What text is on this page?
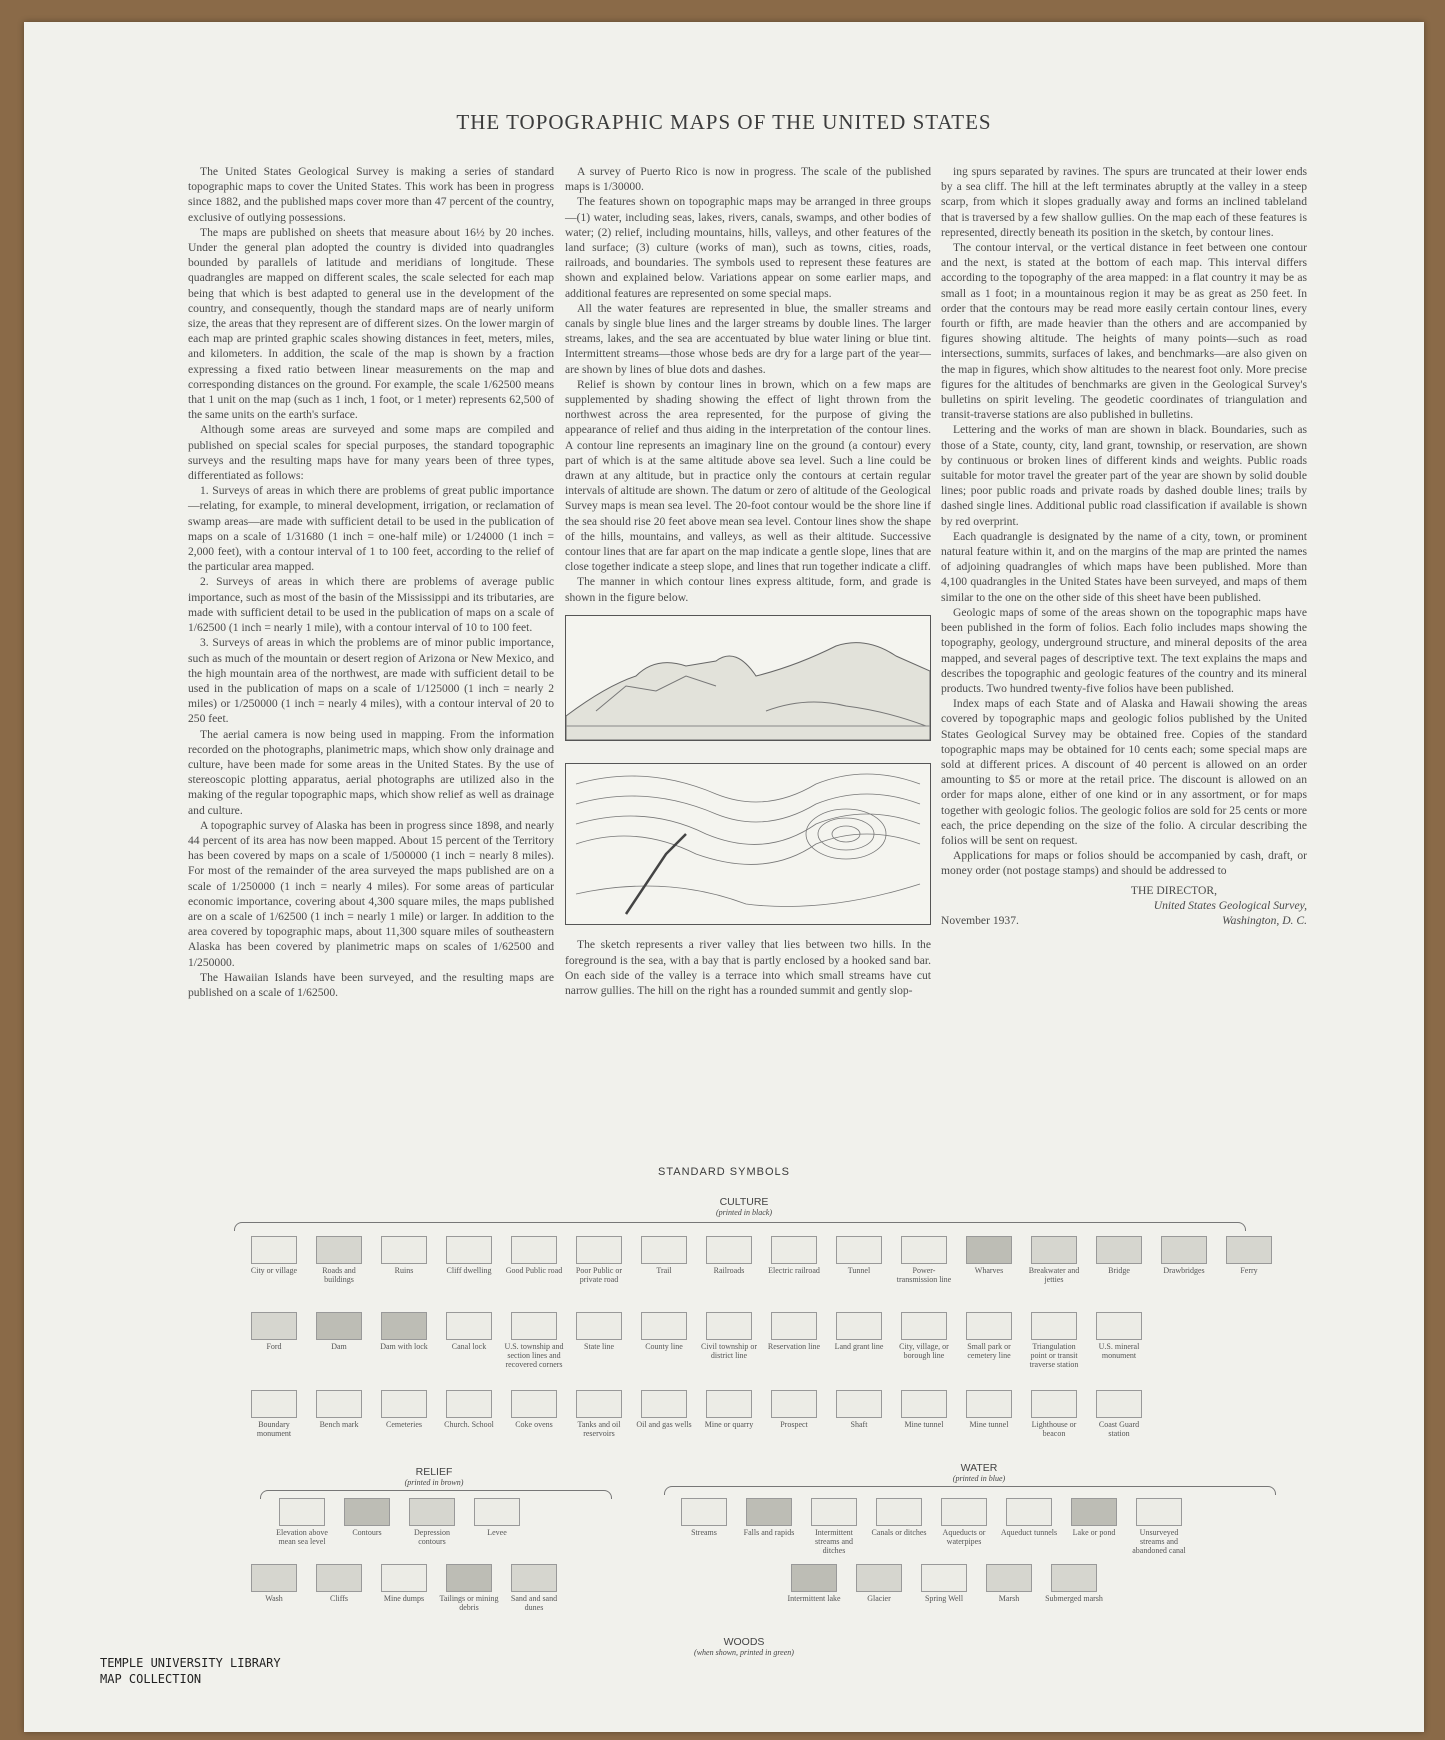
THE TOPOGRAPHIC MAPS OF THE UNITED STATES

The United States Geological Survey is making a series of standard topographic maps to cover the United States. This work has been in progress since 1882, and the published maps cover more than 47 percent of the country, exclusive of outlying possessions.

The maps are published on sheets that measure about 16½ by 20 inches. Under the general plan adopted the country is divided into quadrangles bounded by parallels of latitude and meridians of longitude. These quadrangles are mapped on different scales, the scale selected for each map being that which is best adapted to general use in the development of the country, and consequently, though the standard maps are of nearly uniform size, the areas that they represent are of different sizes. On the lower margin of each map are printed graphic scales showing distances in feet, meters, miles, and kilometers. In addition, the scale of the map is shown by a fraction expressing a fixed ratio between linear measurements on the map and corresponding distances on the ground. For example, the scale 1/62500 means that 1 unit on the map (such as 1 inch, 1 foot, or 1 meter) represents 62,500 of the same units on the earth's surface.

Although some areas are surveyed and some maps are compiled and published on special scales for special purposes, the standard topographic surveys and the resulting maps have for many years been of three types, differentiated as follows:

1. Surveys of areas in which there are problems of great public importance—relating, for example, to mineral development, irrigation, or reclamation of swamp areas—are made with sufficient detail to be used in the publication of maps on a scale of 1/31680 (1 inch = one-half mile) or 1/24000 (1 inch = 2,000 feet), with a contour interval of 1 to 100 feet, according to the relief of the particular area mapped.

2. Surveys of areas in which there are problems of average public importance, such as most of the basin of the Mississippi and its tributaries, are made with sufficient detail to be used in the publication of maps on a scale of 1/62500 (1 inch = nearly 1 mile), with a contour interval of 10 to 100 feet.

3. Surveys of areas in which the problems are of minor public importance, such as much of the mountain or desert region of Arizona or New Mexico, and the high mountain area of the northwest, are made with sufficient detail to be used in the publication of maps on a scale of 1/125000 (1 inch = nearly 2 miles) or 1/250000 (1 inch = nearly 4 miles), with a contour interval of 20 to 250 feet.

The aerial camera is now being used in mapping. From the information recorded on the photographs, planimetric maps, which show only drainage and culture, have been made for some areas in the United States. By the use of stereoscopic plotting apparatus, aerial photographs are utilized also in the making of the regular topographic maps, which show relief as well as drainage and culture.

A topographic survey of Alaska has been in progress since 1898, and nearly 44 percent of its area has now been mapped. About 15 percent of the Territory has been covered by maps on a scale of 1/500000 (1 inch = nearly 8 miles). For most of the remainder of the area surveyed the maps published are on a scale of 1/250000 (1 inch = nearly 4 miles). For some areas of particular economic importance, covering about 4,300 square miles, the maps published are on a scale of 1/62500 (1 inch = nearly 1 mile) or larger. In addition to the area covered by topographic maps, about 11,300 square miles of southeastern Alaska has been covered by planimetric maps on scales of 1/62500 and 1/250000.

The Hawaiian Islands have been surveyed, and the resulting maps are published on a scale of 1/62500.

A survey of Puerto Rico is now in progress. The scale of the published maps is 1/30000.

The features shown on topographic maps may be arranged in three groups—(1) water, including seas, lakes, rivers, canals, swamps, and other bodies of water; (2) relief, including mountains, hills, valleys, and other features of the land surface; (3) culture (works of man), such as towns, cities, roads, railroads, and boundaries. The symbols used to represent these features are shown and explained below. Variations appear on some earlier maps, and additional features are represented on some special maps.

All the water features are represented in blue, the smaller streams and canals by single blue lines and the larger streams by double lines. The larger streams, lakes, and the sea are accentuated by blue water lining or blue tint. Intermittent streams—those whose beds are dry for a large part of the year—are shown by lines of blue dots and dashes.

Relief is shown by contour lines in brown, which on a few maps are supplemented by shading showing the effect of light thrown from the northwest across the area represented, for the purpose of giving the appearance of relief and thus aiding in the interpretation of the contour lines. A contour line represents an imaginary line on the ground (a contour) every part of which is at the same altitude above sea level. Such a line could be drawn at any altitude, but in practice only the contours at certain regular intervals of altitude are shown. The datum or zero of altitude of the Geological Survey maps is mean sea level. The 20-foot contour would be the shore line if the sea should rise 20 feet above mean sea level. Contour lines show the shape of the hills, mountains, and valleys, as well as their altitude. Successive contour lines that are far apart on the map indicate a gentle slope, lines that are close together indicate a steep slope, and lines that run together indicate a cliff.

The manner in which contour lines express altitude, form, and grade is shown in the figure below.

The sketch represents a river valley that lies between two hills. In the foreground is the sea, with a bay that is partly enclosed by a hooked sand bar. On each side of the valley is a terrace into which small streams have cut narrow gullies. The hill on the right has a rounded summit and gently slop-

ing spurs separated by ravines. The spurs are truncated at their lower ends by a sea cliff. The hill at the left terminates abruptly at the valley in a steep scarp, from which it slopes gradually away and forms an inclined tableland that is traversed by a few shallow gullies. On the map each of these features is represented, directly beneath its position in the sketch, by contour lines.

The contour interval, or the vertical distance in feet between one contour and the next, is stated at the bottom of each map. This interval differs according to the topography of the area mapped: in a flat country it may be as small as 1 foot; in a mountainous region it may be as great as 250 feet. In order that the contours may be read more easily certain contour lines, every fourth or fifth, are made heavier than the others and are accompanied by figures showing altitude. The heights of many points—such as road intersections, summits, surfaces of lakes, and benchmarks—are also given on the map in figures, which show altitudes to the nearest foot only. More precise figures for the altitudes of benchmarks are given in the Geological Survey's bulletins on spirit leveling. The geodetic coordinates of triangulation and transit-traverse stations are also published in bulletins.

Lettering and the works of man are shown in black. Boundaries, such as those of a State, county, city, land grant, township, or reservation, are shown by continuous or broken lines of different kinds and weights. Public roads suitable for motor travel the greater part of the year are shown by solid double lines; poor public roads and private roads by dashed double lines; trails by dashed single lines. Additional public road classification if available is shown by red overprint.

Each quadrangle is designated by the name of a city, town, or prominent natural feature within it, and on the margins of the map are printed the names of adjoining quadrangles of which maps have been published. More than 4,100 quadrangles in the United States have been surveyed, and maps of them similar to the one on the other side of this sheet have been published.

Geologic maps of some of the areas shown on the topographic maps have been published in the form of folios. Each folio includes maps showing the topography, geology, underground structure, and mineral deposits of the area mapped, and several pages of descriptive text. The text explains the maps and describes the topographic and geologic features of the country and its mineral products. Two hundred twenty-five folios have been published.

Index maps of each State and of Alaska and Hawaii showing the areas covered by topographic maps and geologic folios published by the United States Geological Survey may be obtained free. Copies of the standard topographic maps may be obtained for 10 cents each; some special maps are sold at different prices. A discount of 40 percent is allowed on an order amounting to $5 or more at the retail price. The discount is allowed on an order for maps alone, either of one kind or in any assortment, or for maps together with geologic folios. The geologic folios are sold for 25 cents or more each, the price depending on the size of the folio. A circular describing the folios will be sent on request.

Applications for maps or folios should be accompanied by cash, draft, or money order (not postage stamps) and should be addressed to

THE DIRECTOR,
United States Geological Survey,
Washington, D. C.
November 1937.
STANDARD SYMBOLS
CULTURE
(printed in black)
City or village	Roads and buildings
Ruins	Cliff dwelling	Good Public road	Poor Public or private road
Trail	Railroads	Electric railroad	Tunnel	Power-transmission line
Wharves	Breakwater and jetties
Bridge	Drawbridges	Ferry
Ford	Dam	Dam with lock	Canal lock	U.S. township and section lines and recovered corners
State line	County line	Civil township or district line
Reservation line	Land grant line	City, village, or borough line
Small park or cemetery line
Triangulation point or transit traverse station
U.S. mineral monument
Boundary monument
Bench mark	Cemeteries	Church. School	Coke ovens	Tanks and oil reservoirs
Oil and gas wells	Mine or quarry	Prospect	Shaft	Mine tunnel	Mine tunnel	Lighthouse or beacon
Coast Guard station
RELIEF
(printed in brown)
WATER
(printed in blue)
Elevation above mean sea level
Contours	Depression contours
Levee
Wash	Cliffs	Mine dumps	Tailings or mining debris
Sand and sand dunes
Streams	Falls and rapids	Intermittent streams and ditches
Canals or ditches	Aqueducts or waterpipes
Aqueduct tunnels	Lake or pond	Unsurveyed streams and abandoned canal
Intermittent lake	Glacier	Spring Well	Marsh	Submerged marsh
WOODS
(when shown, printed in green)
TEMPLE UNIVERSITY LIBRARY
MAP COLLECTION
